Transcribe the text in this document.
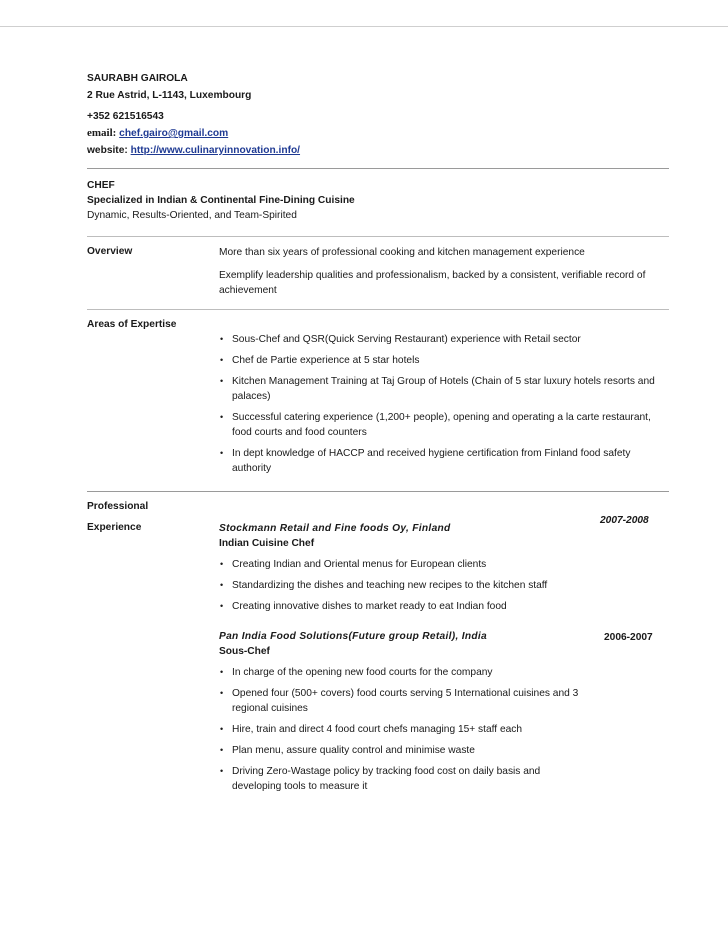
SAURABH GAIROLA
2 Rue Astrid, L-1143, Luxembourg
+352 621516543
email: chef.gairo@gmail.com
website: http://www.culinaryinnovation.info/
CHEF
Specialized in Indian & Continental Fine-Dining Cuisine
Dynamic, Results-Oriented, and Team-Spirited
Overview	More than six years of professional cooking and kitchen management experience
Exemplify leadership qualities and professionalism, backed by a consistent, verifiable record of achievement
Areas of Expertise
• Sous-Chef and QSR(Quick Serving Restaurant) experience with Retail sector
• Chef de Partie experience at 5 star hotels
• Kitchen Management Training at Taj Group of Hotels (Chain of 5 star luxury hotels resorts and palaces)
• Successful catering experience (1,200+ people), opening and operating a la carte restaurant, food courts and food counters
• In dept knowledge of HACCP and received hygiene certification from Finland food safety authority
Professional
Experience
2007-2008
Stockmann Retail and Fine foods Oy, Finland
Indian Cuisine Chef
• Creating Indian and Oriental menus for European clients
• Standardizing the dishes and teaching new recipes to the kitchen staff
• Creating innovative dishes to market ready to eat Indian food
2006-2007
Pan India Food Solutions(Future group Retail), India
Sous-Chef
• In charge of the opening new food courts for the company
• Opened four (500+ covers) food courts serving 5 International cuisines and 3 regional cuisines
• Hire, train and direct 4 food court chefs managing 15+ staff each
• Plan menu, assure quality control and minimise waste
• Driving Zero-Wastage policy by tracking food cost on daily basis and developing tools to measure it
